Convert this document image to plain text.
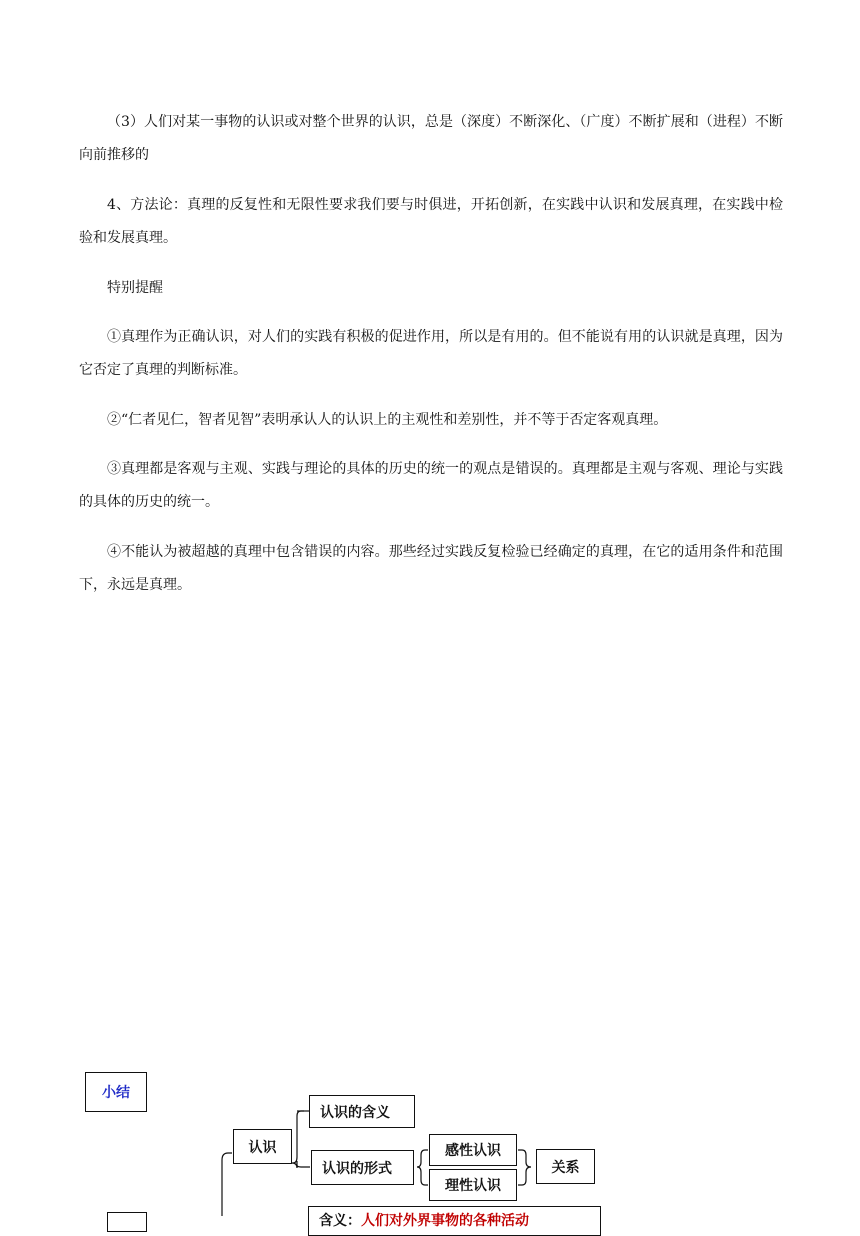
（3）人们对某一事物的认识或对整个世界的认识，总是（深度）不断深化、（广度）不断扩展和（进程）不断向前推移的

4、方法论：真理的反复性和无限性要求我们要与时俱进，开拓创新，在实践中认识和发展真理，在实践中检验和发展真理。

特别提醒

①真理作为正确认识，对人们的实践有积极的促进作用，所以是有用的。但不能说有用的认识就是真理，因为它否定了真理的判断标准。

②“仁者见仁，智者见智”表明承认人的认识上的主观性和差别性，并不等于否定客观真理。

③真理都是客观与主观、实践与理论的具体的历史的统一的观点是错误的。真理都是主观与客观、理论与实践的具体的历史的统一。

④不能认为被超越的真理中包含错误的内容。那些经过实践反复检验已经确定的真理，在它的适用条件和范围下，永远是真理。

小结
认识
认识的含义
认识的形式
感性认识
理性认识
关系
含义： 人们对外界事物的各种活动
